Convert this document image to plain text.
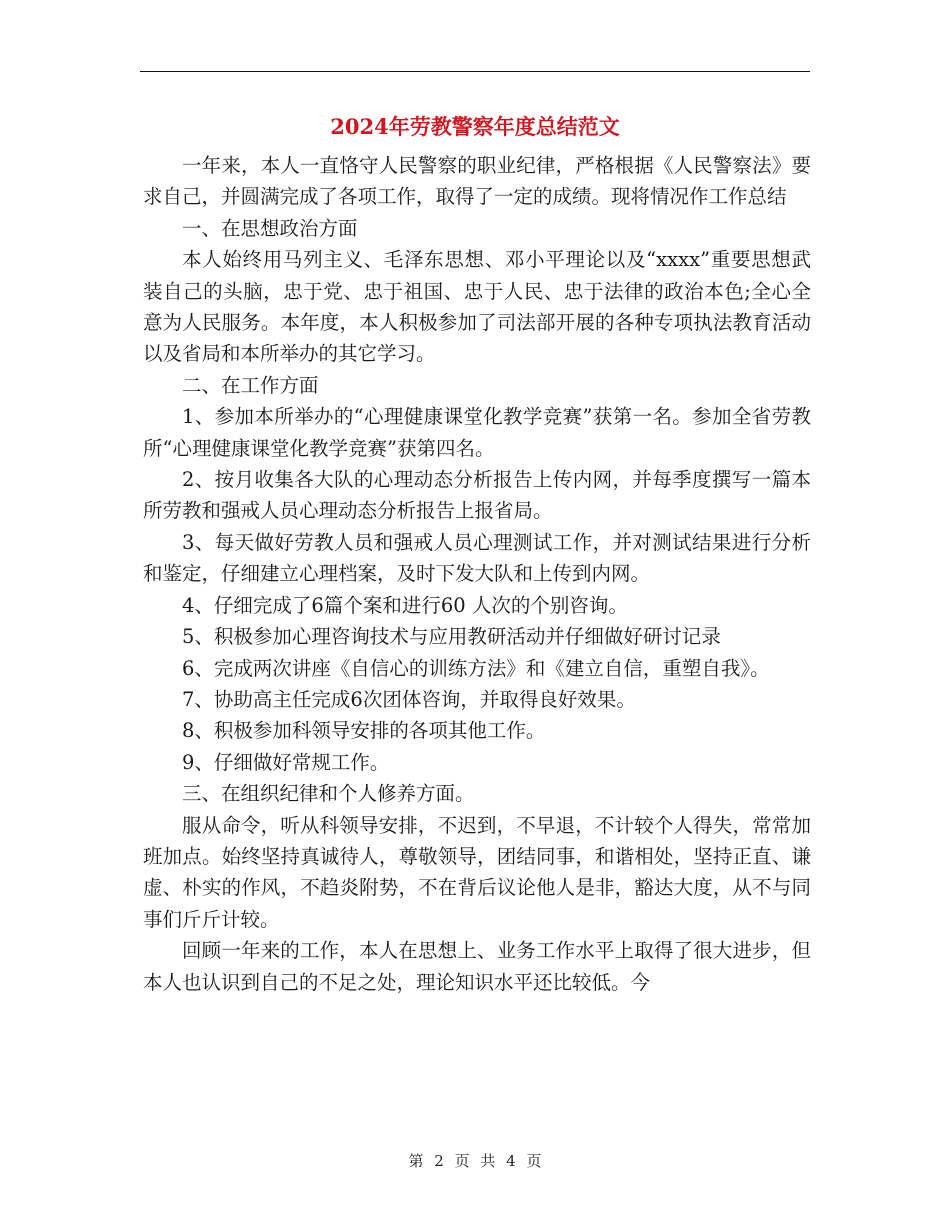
2024年劳教警察年度总结范文

一年来，本人一直恪守人民警察的职业纪律，严格根据《人民警察法》要求自己，并圆满完成了各项工作，取得了一定的成绩。现将情况作工作总结

一、在思想政治方面

本人始终用马列主义、毛泽东思想、邓小平理论以及“xxxx”重要思想武装自己的头脑，忠于党、忠于祖国、忠于人民、忠于法律的政治本色;全心全意为人民服务。本年度，本人积极参加了司法部开展的各种专项执法教育活动以及省局和本所举办的其它学习。

二、在工作方面

1、参加本所举办的“心理健康课堂化教学竞赛”获第一名。参加全省劳教所“心理健康课堂化教学竞赛”获第四名。

2、按月收集各大队的心理动态分析报告上传内网，并每季度撰写一篇本所劳教和强戒人员心理动态分析报告上报省局。

3、每天做好劳教人员和强戒人员心理测试工作，并对测试结果进行分析和鉴定，仔细建立心理档案，及时下发大队和上传到内网。

4、仔细完成了6篇个案和进行60 人次的个别咨询。

5、积极参加心理咨询技术与应用教研活动并仔细做好研讨记录

6、完成两次讲座《自信心的训练方法》和《建立自信，重塑自我》。

7、协助高主任完成6次团体咨询，并取得良好效果。

8、积极参加科领导安排的各项其他工作。

9、仔细做好常规工作。

三、在组织纪律和个人修养方面。

服从命令，听从科领导安排，不迟到，不早退，不计较个人得失，常常加班加点。始终坚持真诚待人，尊敬领导，团结同事，和谐相处，坚持正直、谦虚、朴实的作风，不趋炎附势，不在背后议论他人是非，豁达大度，从不与同事们斤斤计较。

回顾一年来的工作，本人在思想上、业务工作水平上取得了很大进步，但本人也认识到自己的不足之处，理论知识水平还比较低。今

第 2 页 共 4 页
